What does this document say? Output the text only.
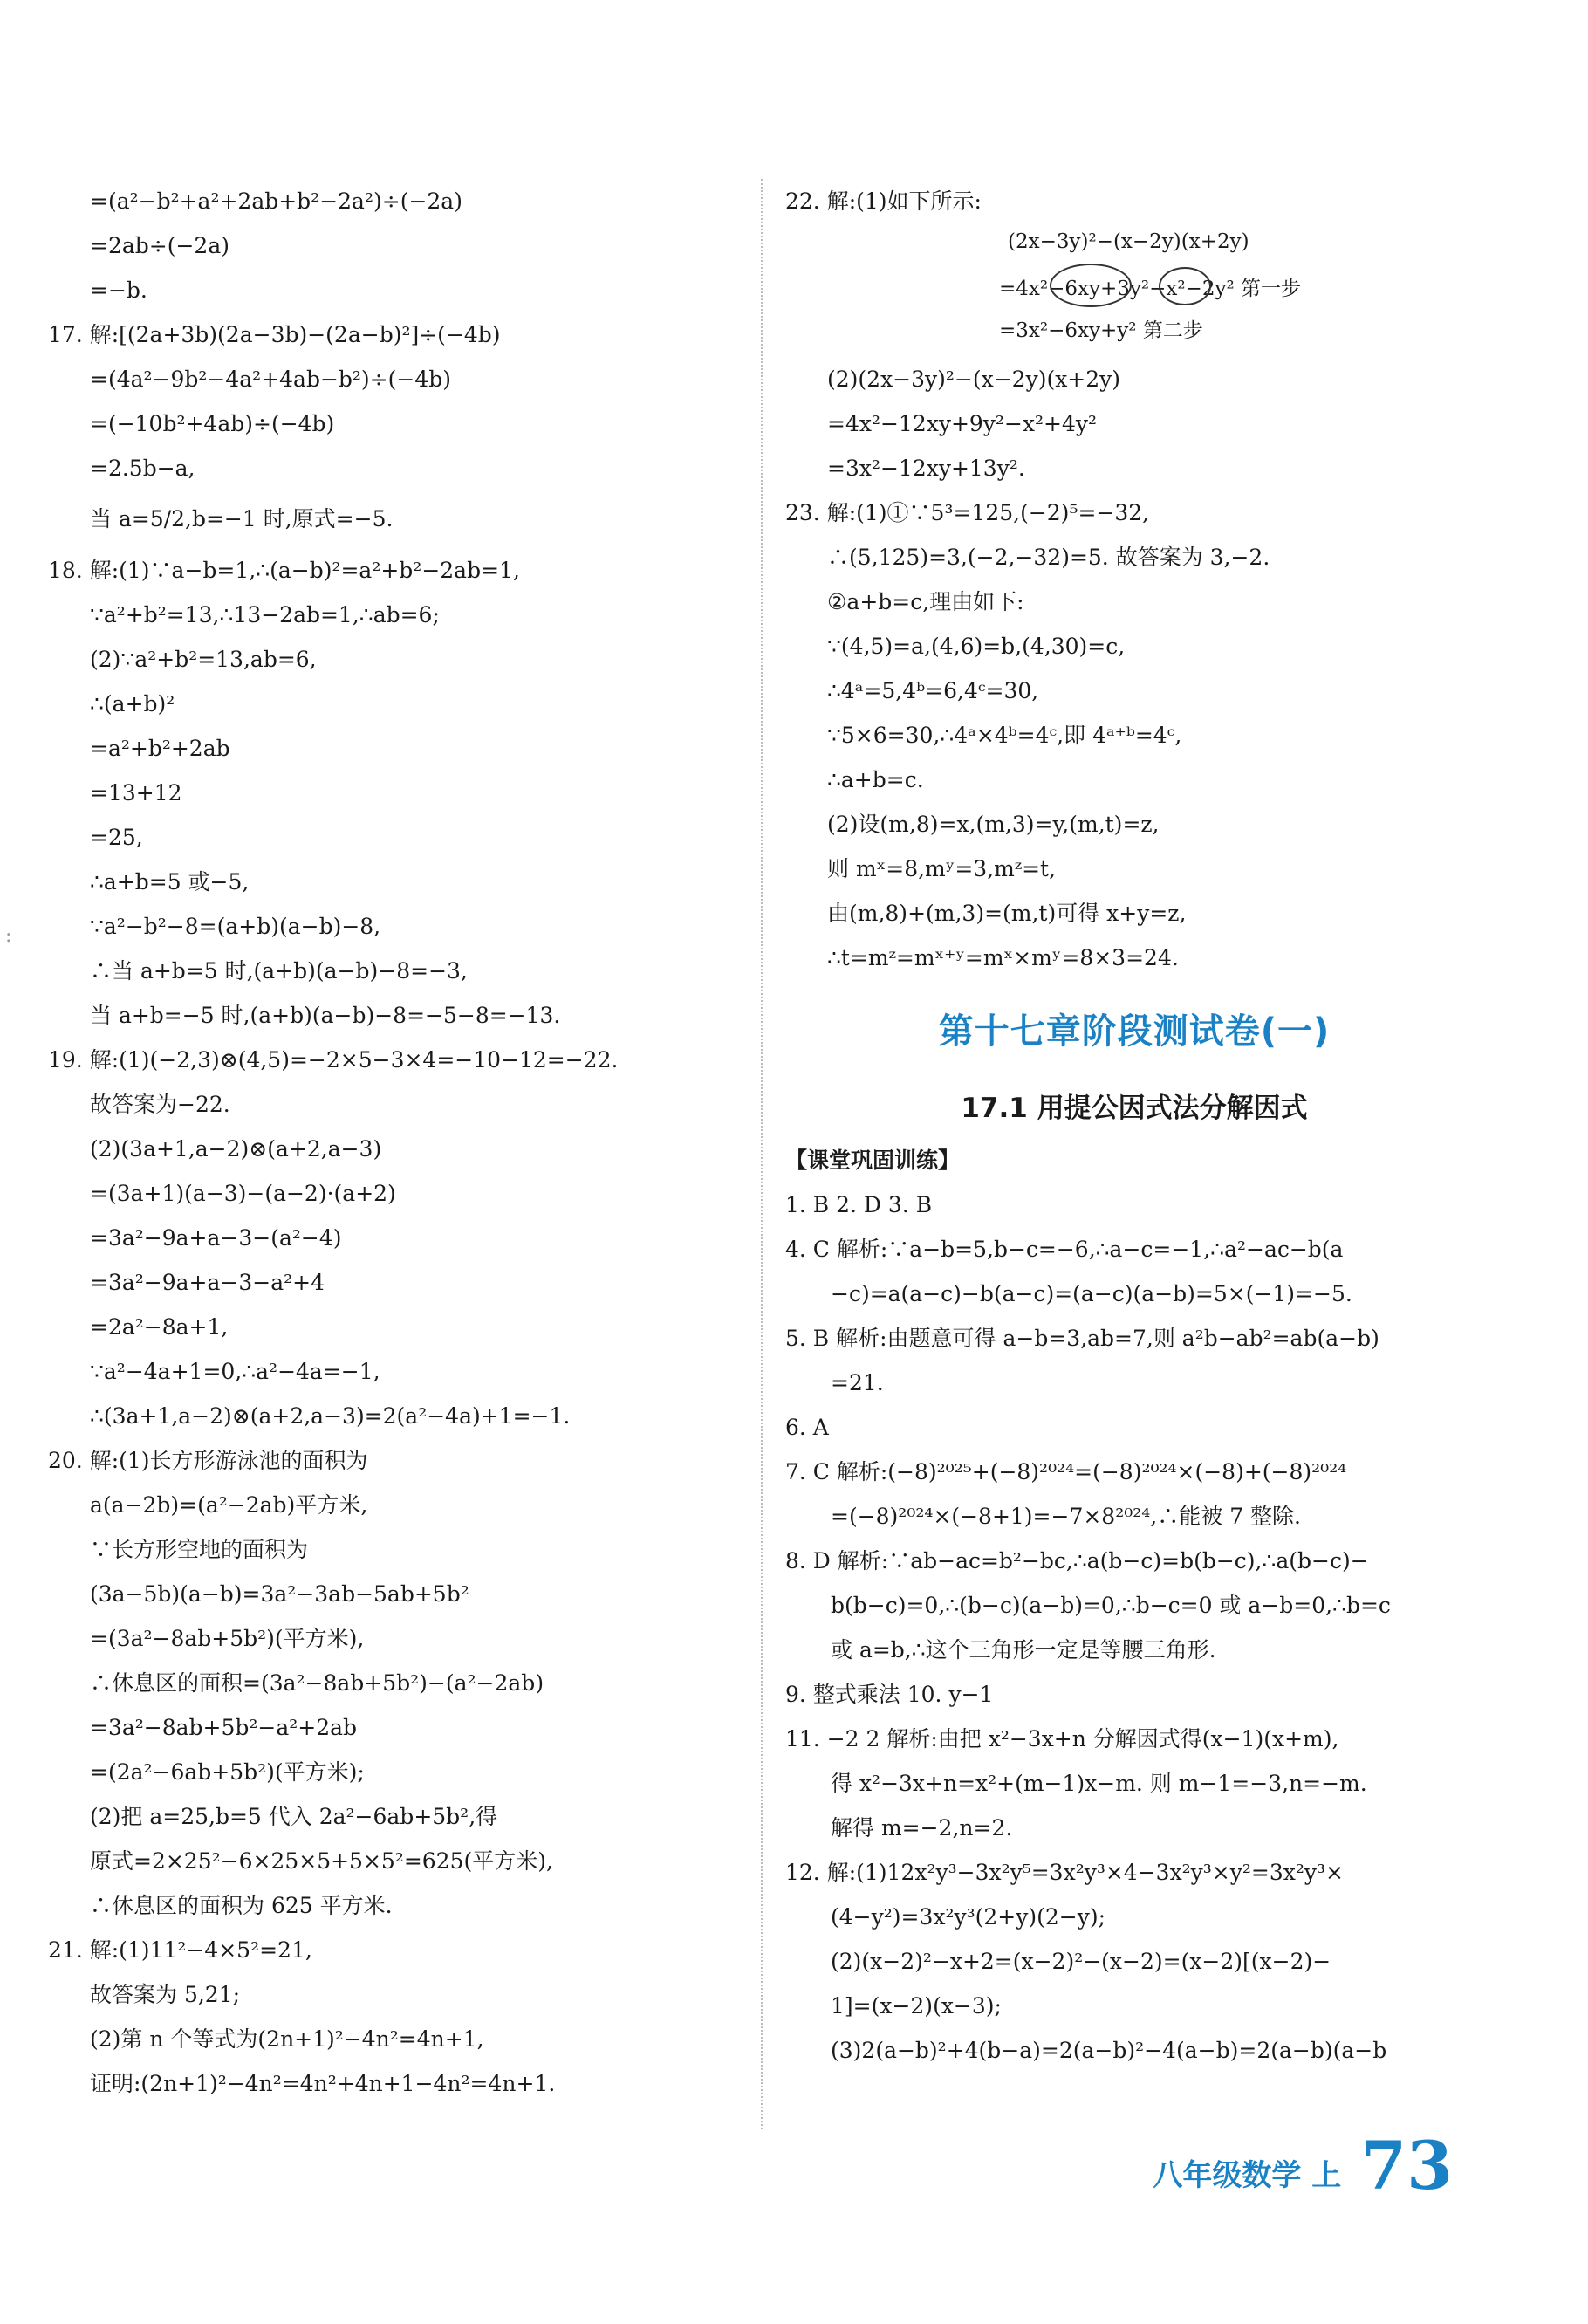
:
=(a²−b²+a²+2ab+b²−2a²)÷(−2a)
=2ab÷(−2a)
=−b.
17. 解:[(2a+3b)(2a−3b)−(2a−b)²]÷(−4b)
=(4a²−9b²−4a²+4ab−b²)÷(−4b)
=(−10b²+4ab)÷(−4b)
=2.5b−a,
当 a=5/2,b=−1 时,原式=−5.
18. 解:(1)∵a−b=1,∴(a−b)²=a²+b²−2ab=1,
∵a²+b²=13,∴13−2ab=1,∴ab=6;
(2)∵a²+b²=13,ab=6,
∴(a+b)²
=a²+b²+2ab
=13+12
=25,
∴a+b=5 或−5,
∵a²−b²−8=(a+b)(a−b)−8,
∴当 a+b=5 时,(a+b)(a−b)−8=−3,
当 a+b=−5 时,(a+b)(a−b)−8=−5−8=−13.
19. 解:(1)(−2,3)⊗(4,5)=−2×5−3×4=−10−12=−22.
故答案为−22.
(2)(3a+1,a−2)⊗(a+2,a−3)
=(3a+1)(a−3)−(a−2)·(a+2)
=3a²−9a+a−3−(a²−4)
=3a²−9a+a−3−a²+4
=2a²−8a+1,
∵a²−4a+1=0,∴a²−4a=−1,
∴(3a+1,a−2)⊗(a+2,a−3)=2(a²−4a)+1=−1.
20. 解:(1)长方形游泳池的面积为
a(a−2b)=(a²−2ab)平方米,
∵长方形空地的面积为
(3a−5b)(a−b)=3a²−3ab−5ab+5b²
=(3a²−8ab+5b²)(平方米),
∴休息区的面积=(3a²−8ab+5b²)−(a²−2ab)
=3a²−8ab+5b²−a²+2ab
=(2a²−6ab+5b²)(平方米);
(2)把 a=25,b=5 代入 2a²−6ab+5b²,得
原式=2×25²−6×25×5+5×5²=625(平方米),
∴休息区的面积为 625 平方米.
21. 解:(1)11²−4×5²=21,
故答案为 5,21;
(2)第 n 个等式为(2n+1)²−4n²=4n+1,
证明:(2n+1)²−4n²=4n²+4n+1−4n²=4n+1.
22. 解:(1)如下所示:
(2x−3y)²−(x−2y)(x+2y)
=4x²−6xy+3y²−x²−2y² 第一步
=3x²−6xy+y² 第二步
(2)(2x−3y)²−(x−2y)(x+2y)
=4x²−12xy+9y²−x²+4y²
=3x²−12xy+13y².
23. 解:(1)①∵5³=125,(−2)⁵=−32,
∴(5,125)=3,(−2,−32)=5. 故答案为 3,−2.
②a+b=c,理由如下:
∵(4,5)=a,(4,6)=b,(4,30)=c,
∴4ᵃ=5,4ᵇ=6,4ᶜ=30,
∵5×6=30,∴4ᵃ×4ᵇ=4ᶜ,即 4ᵃ⁺ᵇ=4ᶜ,
∴a+b=c.
(2)设(m,8)=x,(m,3)=y,(m,t)=z,
则 mˣ=8,mʸ=3,mᶻ=t,
由(m,8)+(m,3)=(m,t)可得 x+y=z,
∴t=mᶻ=mˣ⁺ʸ=mˣ×mʸ=8×3=24.
第十七章阶段测试卷(一)
17.1 用提公因式法分解因式
【课堂巩固训练】
1. B 2. D 3. B
4. C 解析:∵a−b=5,b−c=−6,∴a−c=−1,∴a²−ac−b(a
−c)=a(a−c)−b(a−c)=(a−c)(a−b)=5×(−1)=−5.
5. B 解析:由题意可得 a−b=3,ab=7,则 a²b−ab²=ab(a−b)
=21.
6. A
7. C 解析:(−8)²⁰²⁵+(−8)²⁰²⁴=(−8)²⁰²⁴×(−8)+(−8)²⁰²⁴
=(−8)²⁰²⁴×(−8+1)=−7×8²⁰²⁴,∴能被 7 整除.
8. D 解析:∵ab−ac=b²−bc,∴a(b−c)=b(b−c),∴a(b−c)−
b(b−c)=0,∴(b−c)(a−b)=0,∴b−c=0 或 a−b=0,∴b=c
或 a=b,∴这个三角形一定是等腰三角形.
9. 整式乘法 10. y−1
11. −2 2 解析:由把 x²−3x+n 分解因式得(x−1)(x+m),
得 x²−3x+n=x²+(m−1)x−m. 则 m−1=−3,n=−m.
解得 m=−2,n=2.
12. 解:(1)12x²y³−3x²y⁵=3x²y³×4−3x²y³×y²=3x²y³×
(4−y²)=3x²y³(2+y)(2−y);
(2)(x−2)²−x+2=(x−2)²−(x−2)=(x−2)[(x−2)−
1]=(x−2)(x−3);
(3)2(a−b)²+4(b−a)=2(a−b)²−4(a−b)=2(a−b)(a−b
八年级数学 上 73
